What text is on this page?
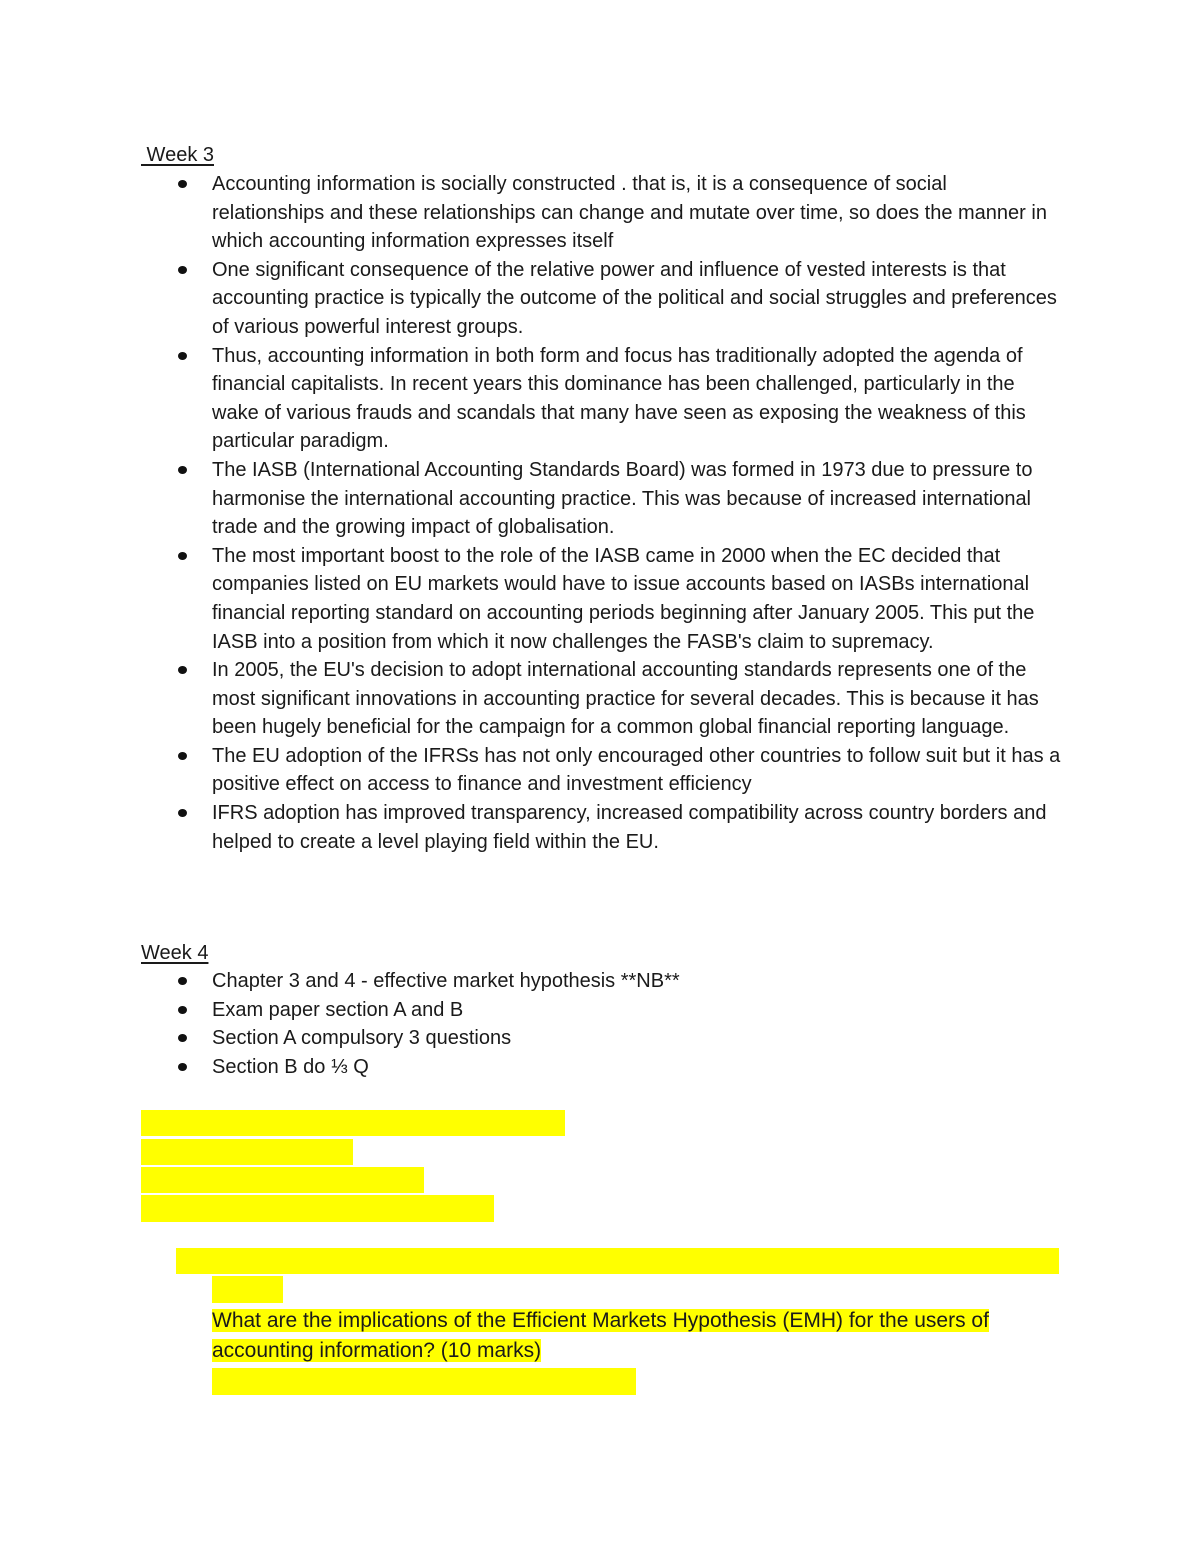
Week 3
Accounting information is socially constructed . that is, it is a consequence of social relationships and these relationships can change and mutate over time, so does the manner in which accounting information expresses itself
One significant consequence of the relative power and influence of vested interests is that accounting practice is typically the outcome of the political and social struggles and preferences of various powerful interest groups.
Thus, accounting information in both form and focus has traditionally adopted the agenda of financial capitalists. In recent years this dominance has been challenged, particularly in the wake of various frauds and scandals that many have seen as exposing the weakness of this particular paradigm.
The IASB (International Accounting Standards Board) was formed in 1973 due to pressure to harmonise the international accounting practice. This was because of increased international trade and the growing impact of globalisation.
The most important boost to the role of the IASB came in 2000 when the EC decided that companies listed on EU markets would have to issue accounts based on IASBs international financial reporting standard on accounting periods beginning after January 2005. This put the IASB into a position from which it now challenges the FASB's claim to supremacy.
In 2005, the EU's decision to adopt international accounting standards represents one of the most significant innovations in accounting practice for several decades. This is because it has been hugely beneficial for the campaign for a common global financial reporting language.
The EU adoption of the IFRSs has not only encouraged other countries to follow suit but it has a positive effect on access to finance and investment efficiency
IFRS adoption has improved transparency, increased compatibility across country borders and helped to create a level playing field within the EU.
Week 4
Chapter 3 and 4 - effective market hypothesis **NB**
Exam paper section A and B
Section A compulsory 3 questions
Section B do ⅓ Q
What are the implications of the Efficient Markets Hypothesis (EMH) for the users of accounting information? (10 marks)
